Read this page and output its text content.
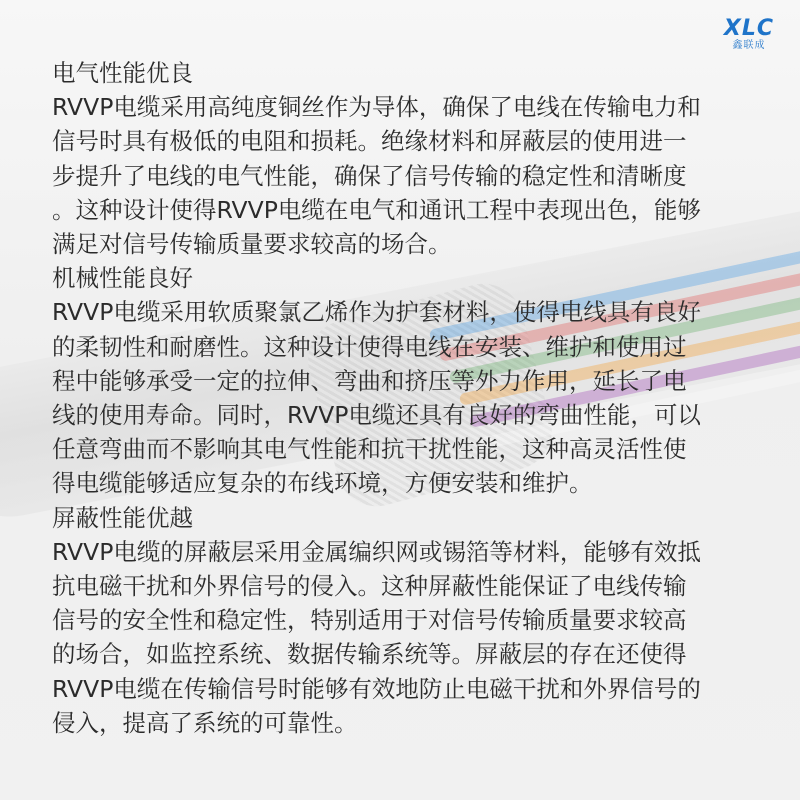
XLC
鑫联成

电气性能优良

RVVP电缆采用高纯度铜丝作为导体，确保了电线在传输电力和

信号时具有极低的电阻和损耗。绝缘材料和屏蔽层的使用进一

步提升了电线的电气性能，确保了信号传输的稳定性和清晰度

。这种设计使得RVVP电缆在电气和通讯工程中表现出色，能够

满足对信号传输质量要求较高的场合。

机械性能良好

RVVP电缆采用软质聚氯乙烯作为护套材料，使得电线具有良好

的柔韧性和耐磨性。这种设计使得电线在安装、维护和使用过

程中能够承受一定的拉伸、弯曲和挤压等外力作用，延长了电

线的使用寿命。同时，RVVP电缆还具有良好的弯曲性能，可以

任意弯曲而不影响其电气性能和抗干扰性能，这种高灵活性使

得电缆能够适应复杂的布线环境，方便安装和维护。

屏蔽性能优越

RVVP电缆的屏蔽层采用金属编织网或锡箔等材料，能够有效抵

抗电磁干扰和外界信号的侵入。这种屏蔽性能保证了电线传输

信号的安全性和稳定性，特别适用于对信号传输质量要求较高

的场合，如监控系统、数据传输系统等。屏蔽层的存在还使得

RVVP电缆在传输信号时能够有效地防止电磁干扰和外界信号的

侵入，提高了系统的可靠性。
